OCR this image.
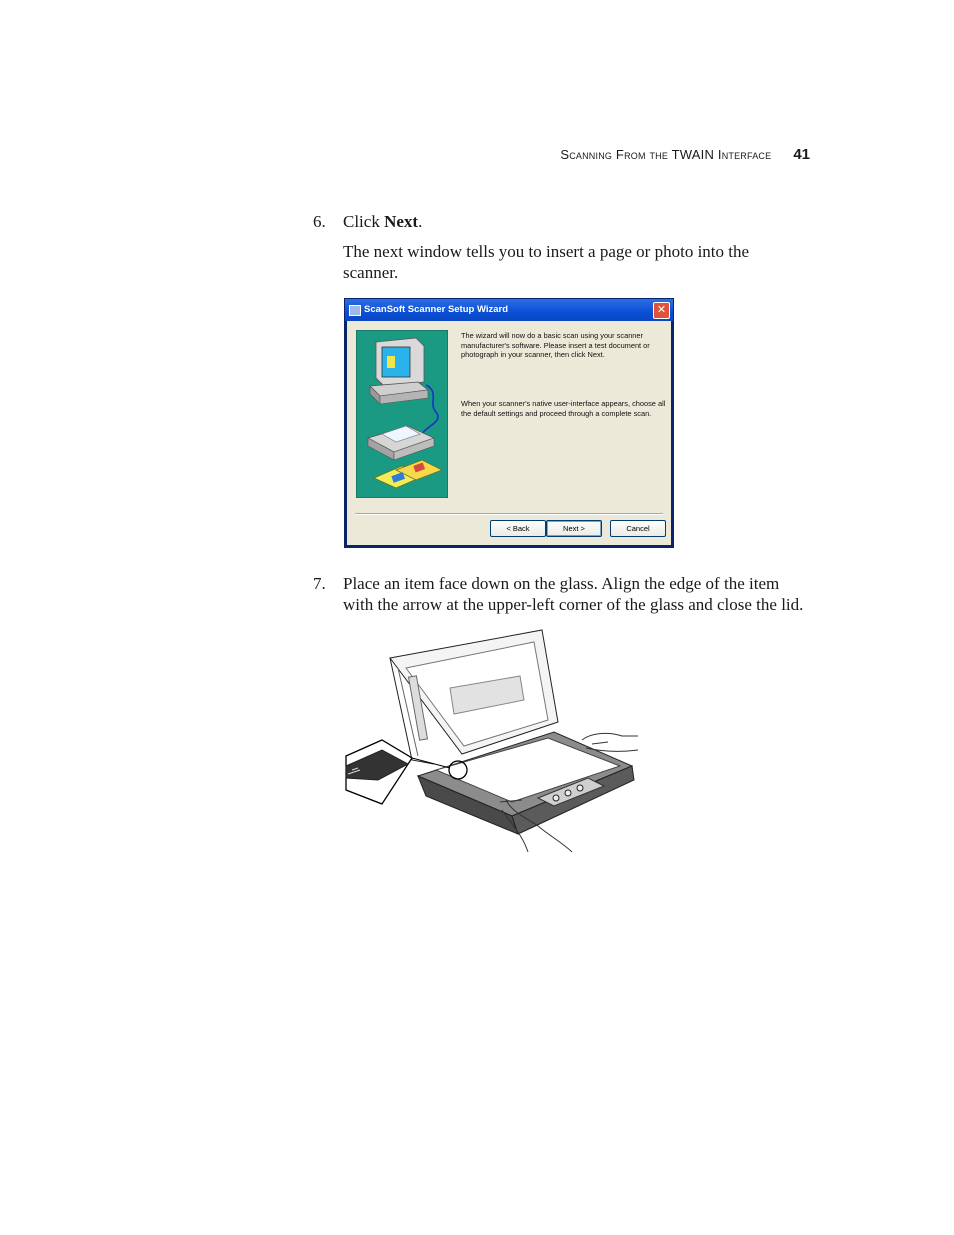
Scanning From the TWAIN Interface 41
6. Click Next.
The next window tells you to insert a page or photo into the scanner.
ScanSoft Scanner Setup Wizard	✕
The wizard will now do a basic scan using your scanner manufacturer's software. Please insert a test document or photograph in your scanner, then click Next.
When your scanner's native user-interface appears, choose all the default settings and proceed through a complete scan.
< Back	Next >	Cancel
7. Place an item face down on the glass. Align the edge of the item with the arrow at the upper-left corner of the glass and close the lid.
